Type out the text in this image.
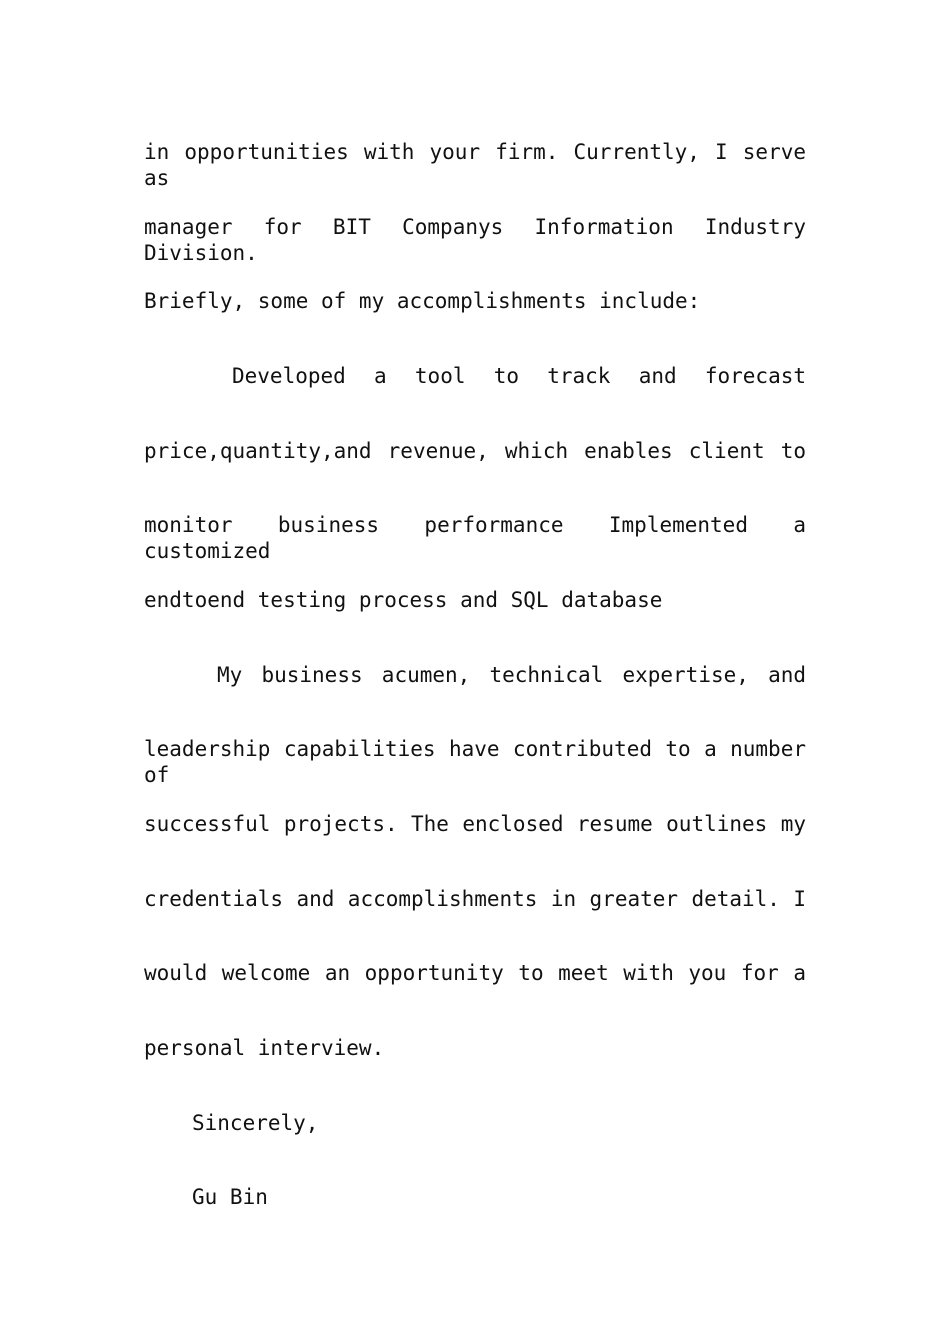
in opportunities with your firm. Currently, I serve as
manager for BIT Companys Information Industry Division.
Briefly, some of my accomplishments include:
Developed a tool to track and forecast
price,quantity,and revenue, which enables client to
monitor business performance Implemented a customized
endtoend testing process and SQL database
My business acumen, technical expertise, and
leadership capabilities have contributed to a number of
successful projects. The enclosed resume outlines my
credentials and accomplishments in greater detail. I
would welcome an opportunity to meet with you for a
personal interview.
Sincerely,
Gu Bin
